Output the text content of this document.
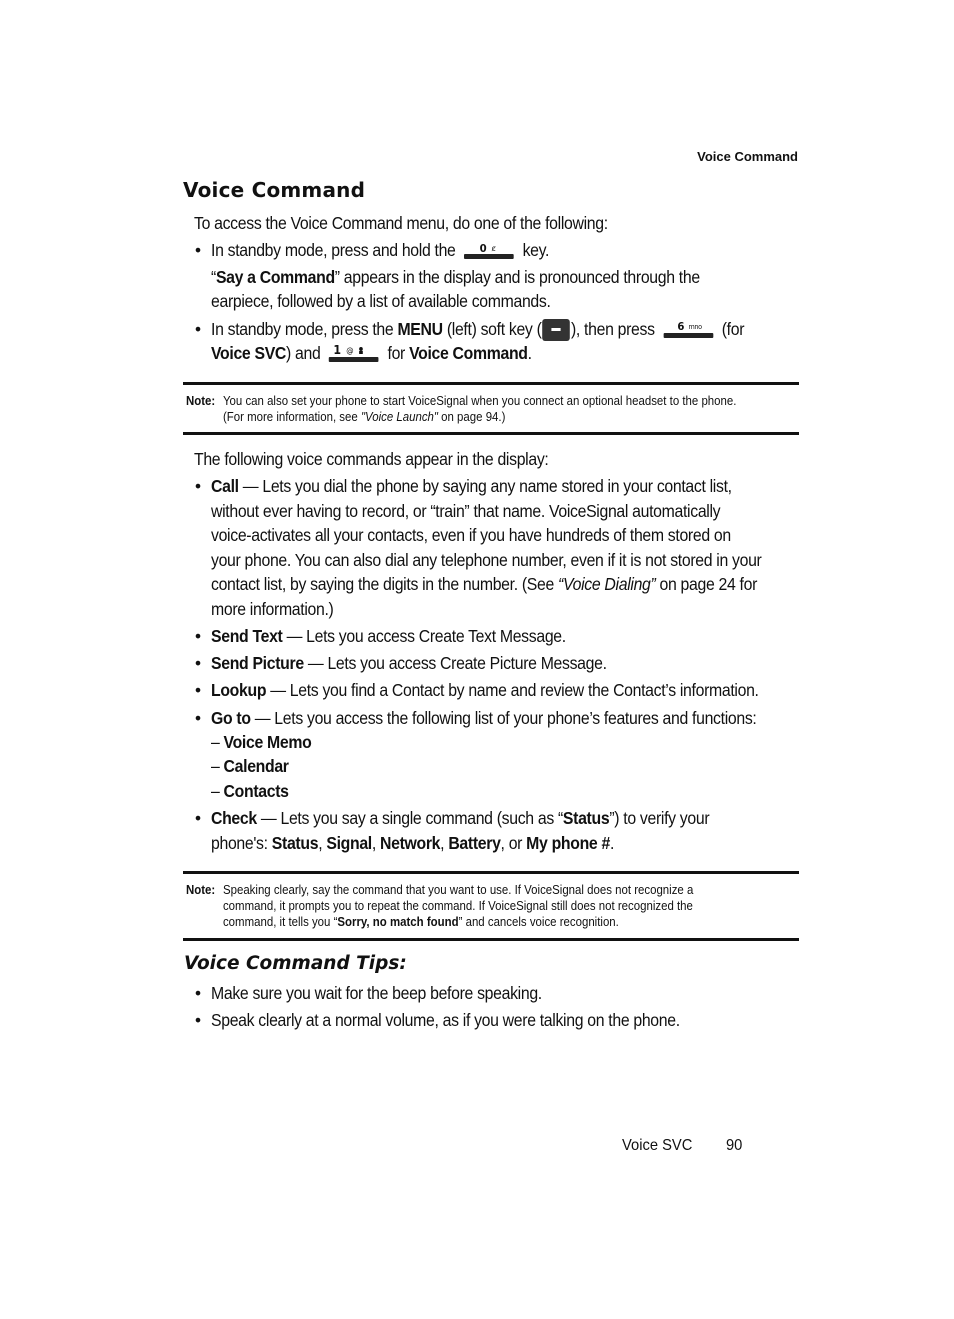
Voice Command
Voice Command
To access the Voice Command menu, do one of the following:
• In standby mode, press and hold the 0 ȼ key.
“Say a Command” appears in the display and is pronounced through the
earpiece, followed by a list of available commands.
• In standby mode, press the MENU (left) soft key ( ), then press 6 mno (for
Voice SVC) and 1 @ for Voice Command.
Note: You can also set your phone to start VoiceSignal when you connect an optional headset to the phone.
(For more information, see "Voice Launch" on page 94.)
The following voice commands appear in the display:
• Call — Lets you dial the phone by saying any name stored in your contact list,
without ever having to record, or “train” that name. VoiceSignal automatically
voice-activates all your contacts, even if you have hundreds of them stored on
your phone. You can also dial any telephone number, even if it is not stored in your
contact list, by saying the digits in the number. (See “Voice Dialing” on page 24 for
more information.)
• Send Text — Lets you access Create Text Message.
• Send Picture — Lets you access Create Picture Message.
• Lookup — Lets you find a Contact by name and review the Contact’s information.
• Go to — Lets you access the following list of your phone’s features and functions:
– Voice Memo
– Calendar
– Contacts
• Check — Lets you say a single command (such as “Status”) to verify your
phone's: Status, Signal, Network, Battery, or My phone #.
Note: Speaking clearly, say the command that you want to use. If VoiceSignal does not recognize a
command, it prompts you to repeat the command. If VoiceSignal still does not recognized the
command, it tells you “Sorry, no match found” and cancels voice recognition.
Voice Command Tips:
• Make sure you wait for the beep before speaking.
• Speak clearly at a normal volume, as if you were talking on the phone.
Voice SVC 90
